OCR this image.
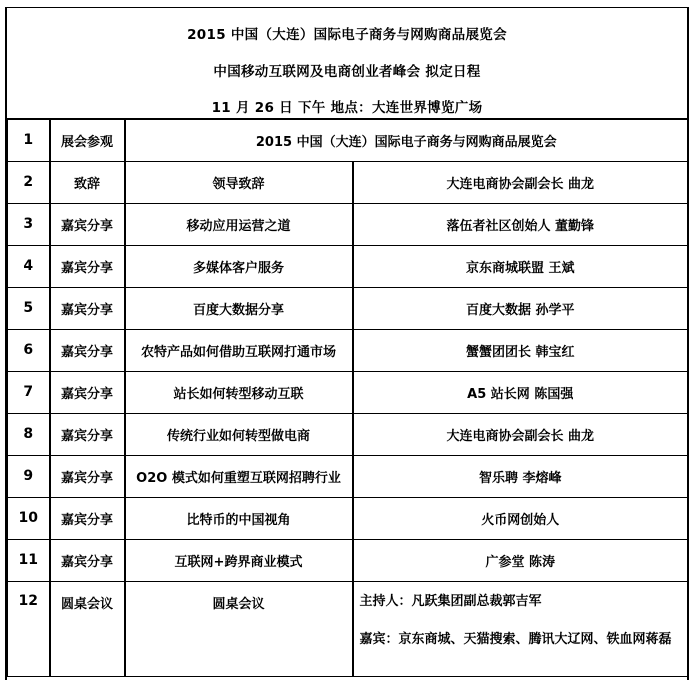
2015 中国（大连）国际电子商务与网购商品展览会
中国移动互联网及电商创业者峰会 拟定日程
11 月 26 日 下午 地点：大连世界博览广场
1	展会参观	2015 中国（大连）国际电子商务与网购商品展览会	
2	致辞	领导致辞	大连电商协会副会长 曲龙
3	嘉宾分享	移动应用运营之道	落伍者社区创始人 董勤锋
4	嘉宾分享	多媒体客户服务	京东商城联盟 王斌
5	嘉宾分享	百度大数据分享	百度大数据 孙学平
6	嘉宾分享	农特产品如何借助互联网打通市场	蟹蟹团团长 韩宝红
7	嘉宾分享	站长如何转型移动互联	A5 站长网 陈国强
8	嘉宾分享	传统行业如何转型做电商	大连电商协会副会长 曲龙
9	嘉宾分享	O2O 模式如何重塑互联网招聘行业	智乐聘 李熔峰
10	嘉宾分享	比特币的中国视角	火币网创始人
11	嘉宾分享	互联网+跨界商业模式	广参堂 陈涛
12	圆桌会议	圆桌会议	主持人：凡跃集团副总裁郭吉军
嘉宾：京东商城、天猫搜索、腾讯大辽网、铁血网蒋磊
